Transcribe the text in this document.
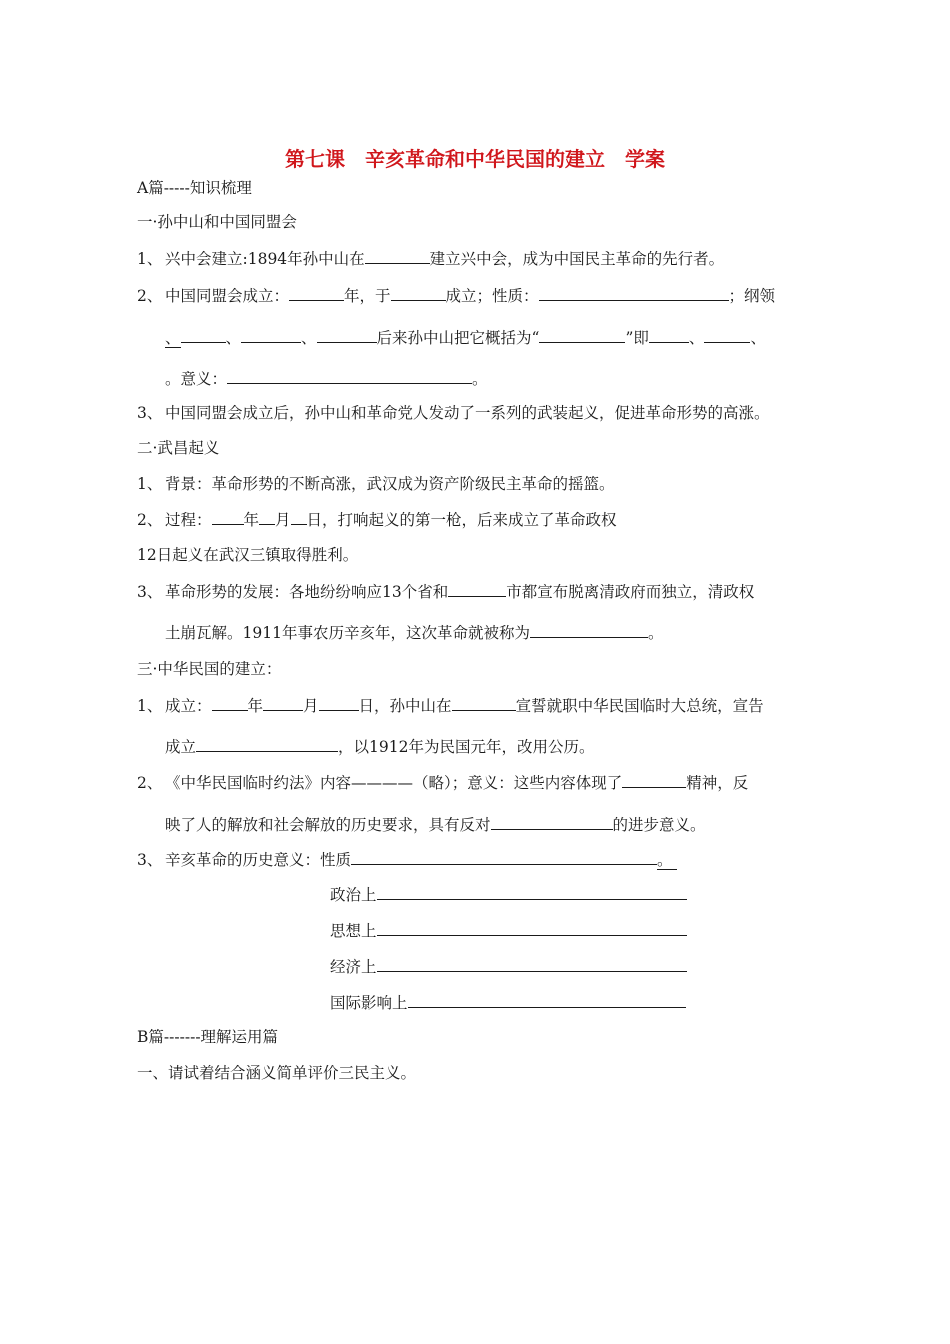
第七课　辛亥革命和中华民国的建立　学案
A篇-----知识梳理
一·孙中山和中国同盟会
1、 兴中会建立:1894年孙中山在	建立兴中会，成为中国民主革命的先行者。
2、 中国同盟会成立：	年，于	成立；性质：	；纲领
、	、	、	后来孙中山把它概括为“	”即	、	、
。意义：	。
3、 中国同盟会成立后，孙中山和革命党人发动了一系列的武装起义，促进革命形势的高涨。
二·武昌起义
1、 背景：革命形势的不断高涨，武汉成为资产阶级民主革命的摇篮。
2、 过程： 年 月 日，打响起义的第一枪，后来成立了革命政权
12日起义在武汉三镇取得胜利。
3、 革命形势的发展：各地纷纷响应13个省和	市都宣布脱离清政府而独立，清政权
土崩瓦解。1911年事农历辛亥年，这次革命就被称为	。
三·中华民国的建立：
1、 成立： 年	月	日，孙中山在	宣誓就职中华民国临时大总统，宣告
成立	，以1912年为民国元年，改用公历。
2、 《中华民国临时约法》内容————（略）；意义：这些内容体现了	精神，反
映了人的解放和社会解放的历史要求，具有反对	的进步意义。
3、 辛亥革命的历史意义：性质	。
政治上
思想上
经济上
国际影响上
B篇-------理解运用篇
一、请试着结合涵义简单评价三民主义。
